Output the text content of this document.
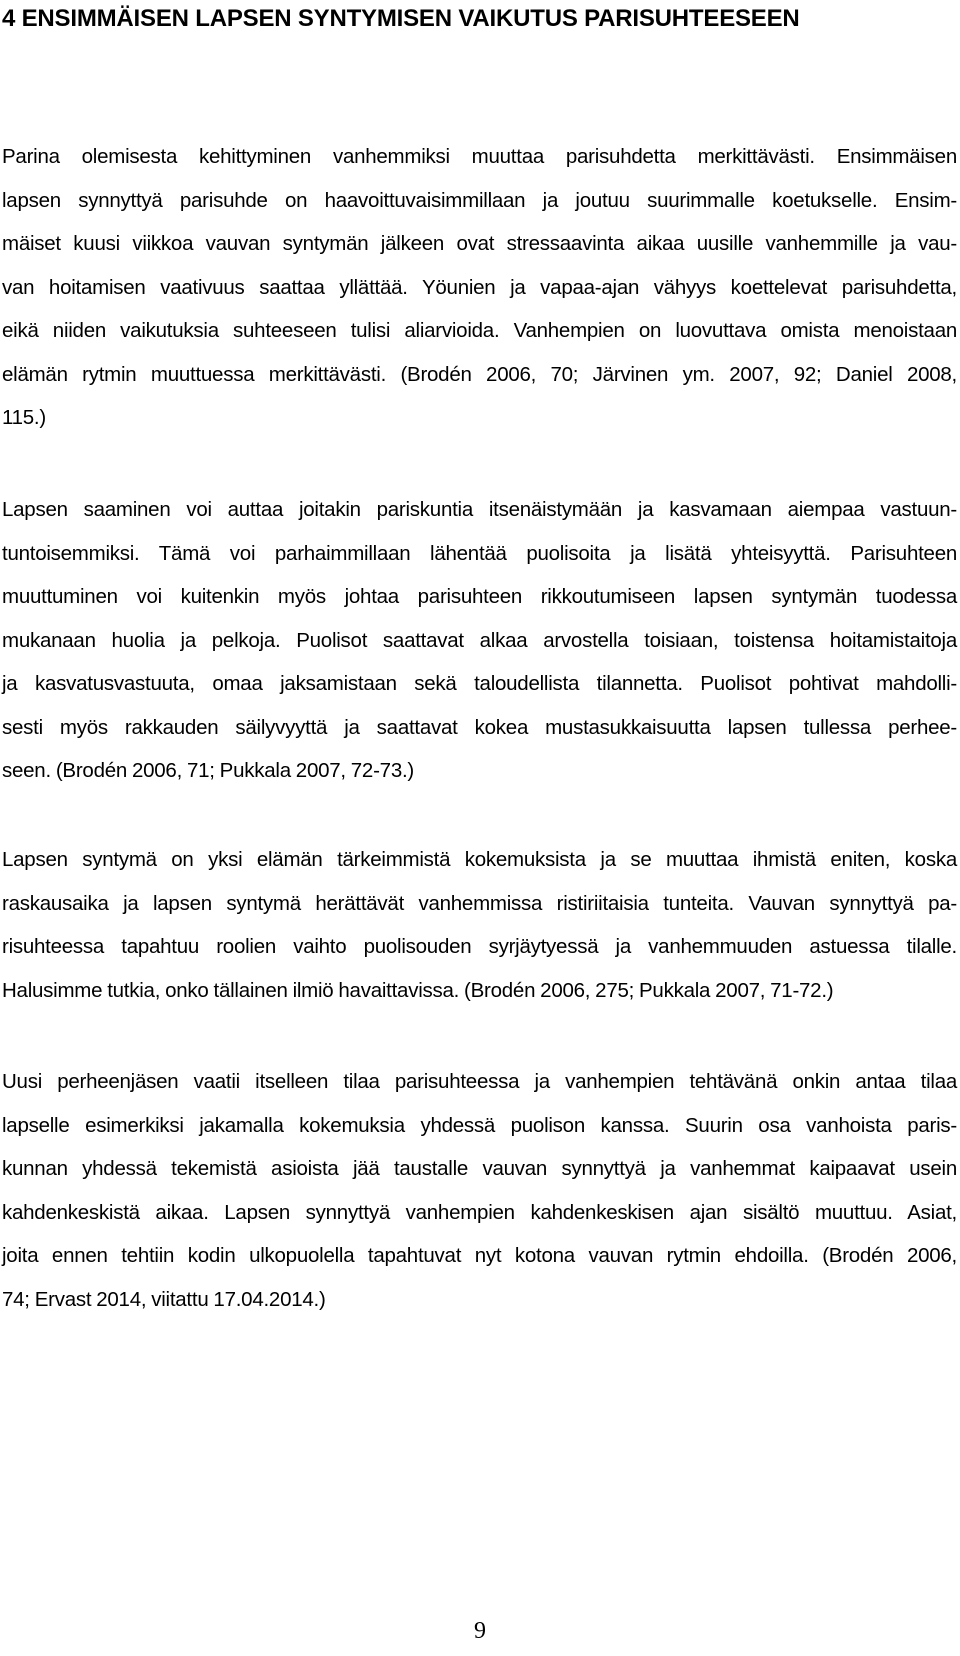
4 ENSIMMÄISEN LAPSEN SYNTYMISEN VAIKUTUS PARISUHTEESEEN

Parina olemisesta kehittyminen vanhemmiksi muuttaa parisuhdetta merkittävästi. Ensimmäisen
lapsen synnyttyä parisuhde on haavoittuvaisimmillaan ja joutuu suurimmalle koetukselle. Ensim-
mäiset kuusi viikkoa vauvan syntymän jälkeen ovat stressaavinta aikaa uusille vanhemmille ja vau-
van hoitamisen vaativuus saattaa yllättää. Yöunien ja vapaa-ajan vähyys koettelevat parisuhdetta,
eikä niiden vaikutuksia suhteeseen tulisi aliarvioida. Vanhempien on luovuttava omista menoistaan
elämän rytmin muuttuessa merkittävästi. (Brodén 2006, 70; Järvinen ym. 2007, 92; Daniel 2008,
115.)

Lapsen saaminen voi auttaa joitakin pariskuntia itsenäistymään ja kasvamaan aiempaa vastuun-
tuntoisemmiksi. Tämä voi parhaimmillaan lähentää puolisoita ja lisätä yhteisyyttä. Parisuhteen
muuttuminen voi kuitenkin myös johtaa parisuhteen rikkoutumiseen lapsen syntymän tuodessa
mukanaan huolia ja pelkoja. Puolisot saattavat alkaa arvostella toisiaan, toistensa hoitamistaitoja
ja kasvatusvastuuta, omaa jaksamistaan sekä taloudellista tilannetta. Puolisot pohtivat mahdolli-
sesti myös rakkauden säilyvyyttä ja saattavat kokea mustasukkaisuutta lapsen tullessa perhee-
seen. (Brodén 2006, 71; Pukkala 2007, 72-73.)

Lapsen syntymä on yksi elämän tärkeimmistä kokemuksista ja se muuttaa ihmistä eniten, koska
raskausaika ja lapsen syntymä herättävät vanhemmissa ristiriitaisia tunteita. Vauvan synnyttyä pa-
risuhteessa tapahtuu roolien vaihto puolisouden syrjäytyessä ja vanhemmuuden astuessa tilalle.
Halusimme tutkia, onko tällainen ilmiö havaittavissa. (Brodén 2006, 275; Pukkala 2007, 71-72.)

Uusi perheenjäsen vaatii itselleen tilaa parisuhteessa ja vanhempien tehtävänä onkin antaa tilaa
lapselle esimerkiksi jakamalla kokemuksia yhdessä puolison kanssa. Suurin osa vanhoista paris-
kunnan yhdessä tekemistä asioista jää taustalle vauvan synnyttyä ja vanhemmat kaipaavat usein
kahdenkeskistä aikaa. Lapsen synnyttyä vanhempien kahdenkeskisen ajan sisältö muuttuu. Asiat,
joita ennen tehtiin kodin ulkopuolella tapahtuvat nyt kotona vauvan rytmin ehdoilla. (Brodén 2006,
74; Ervast 2014, viitattu 17.04.2014.)

9
